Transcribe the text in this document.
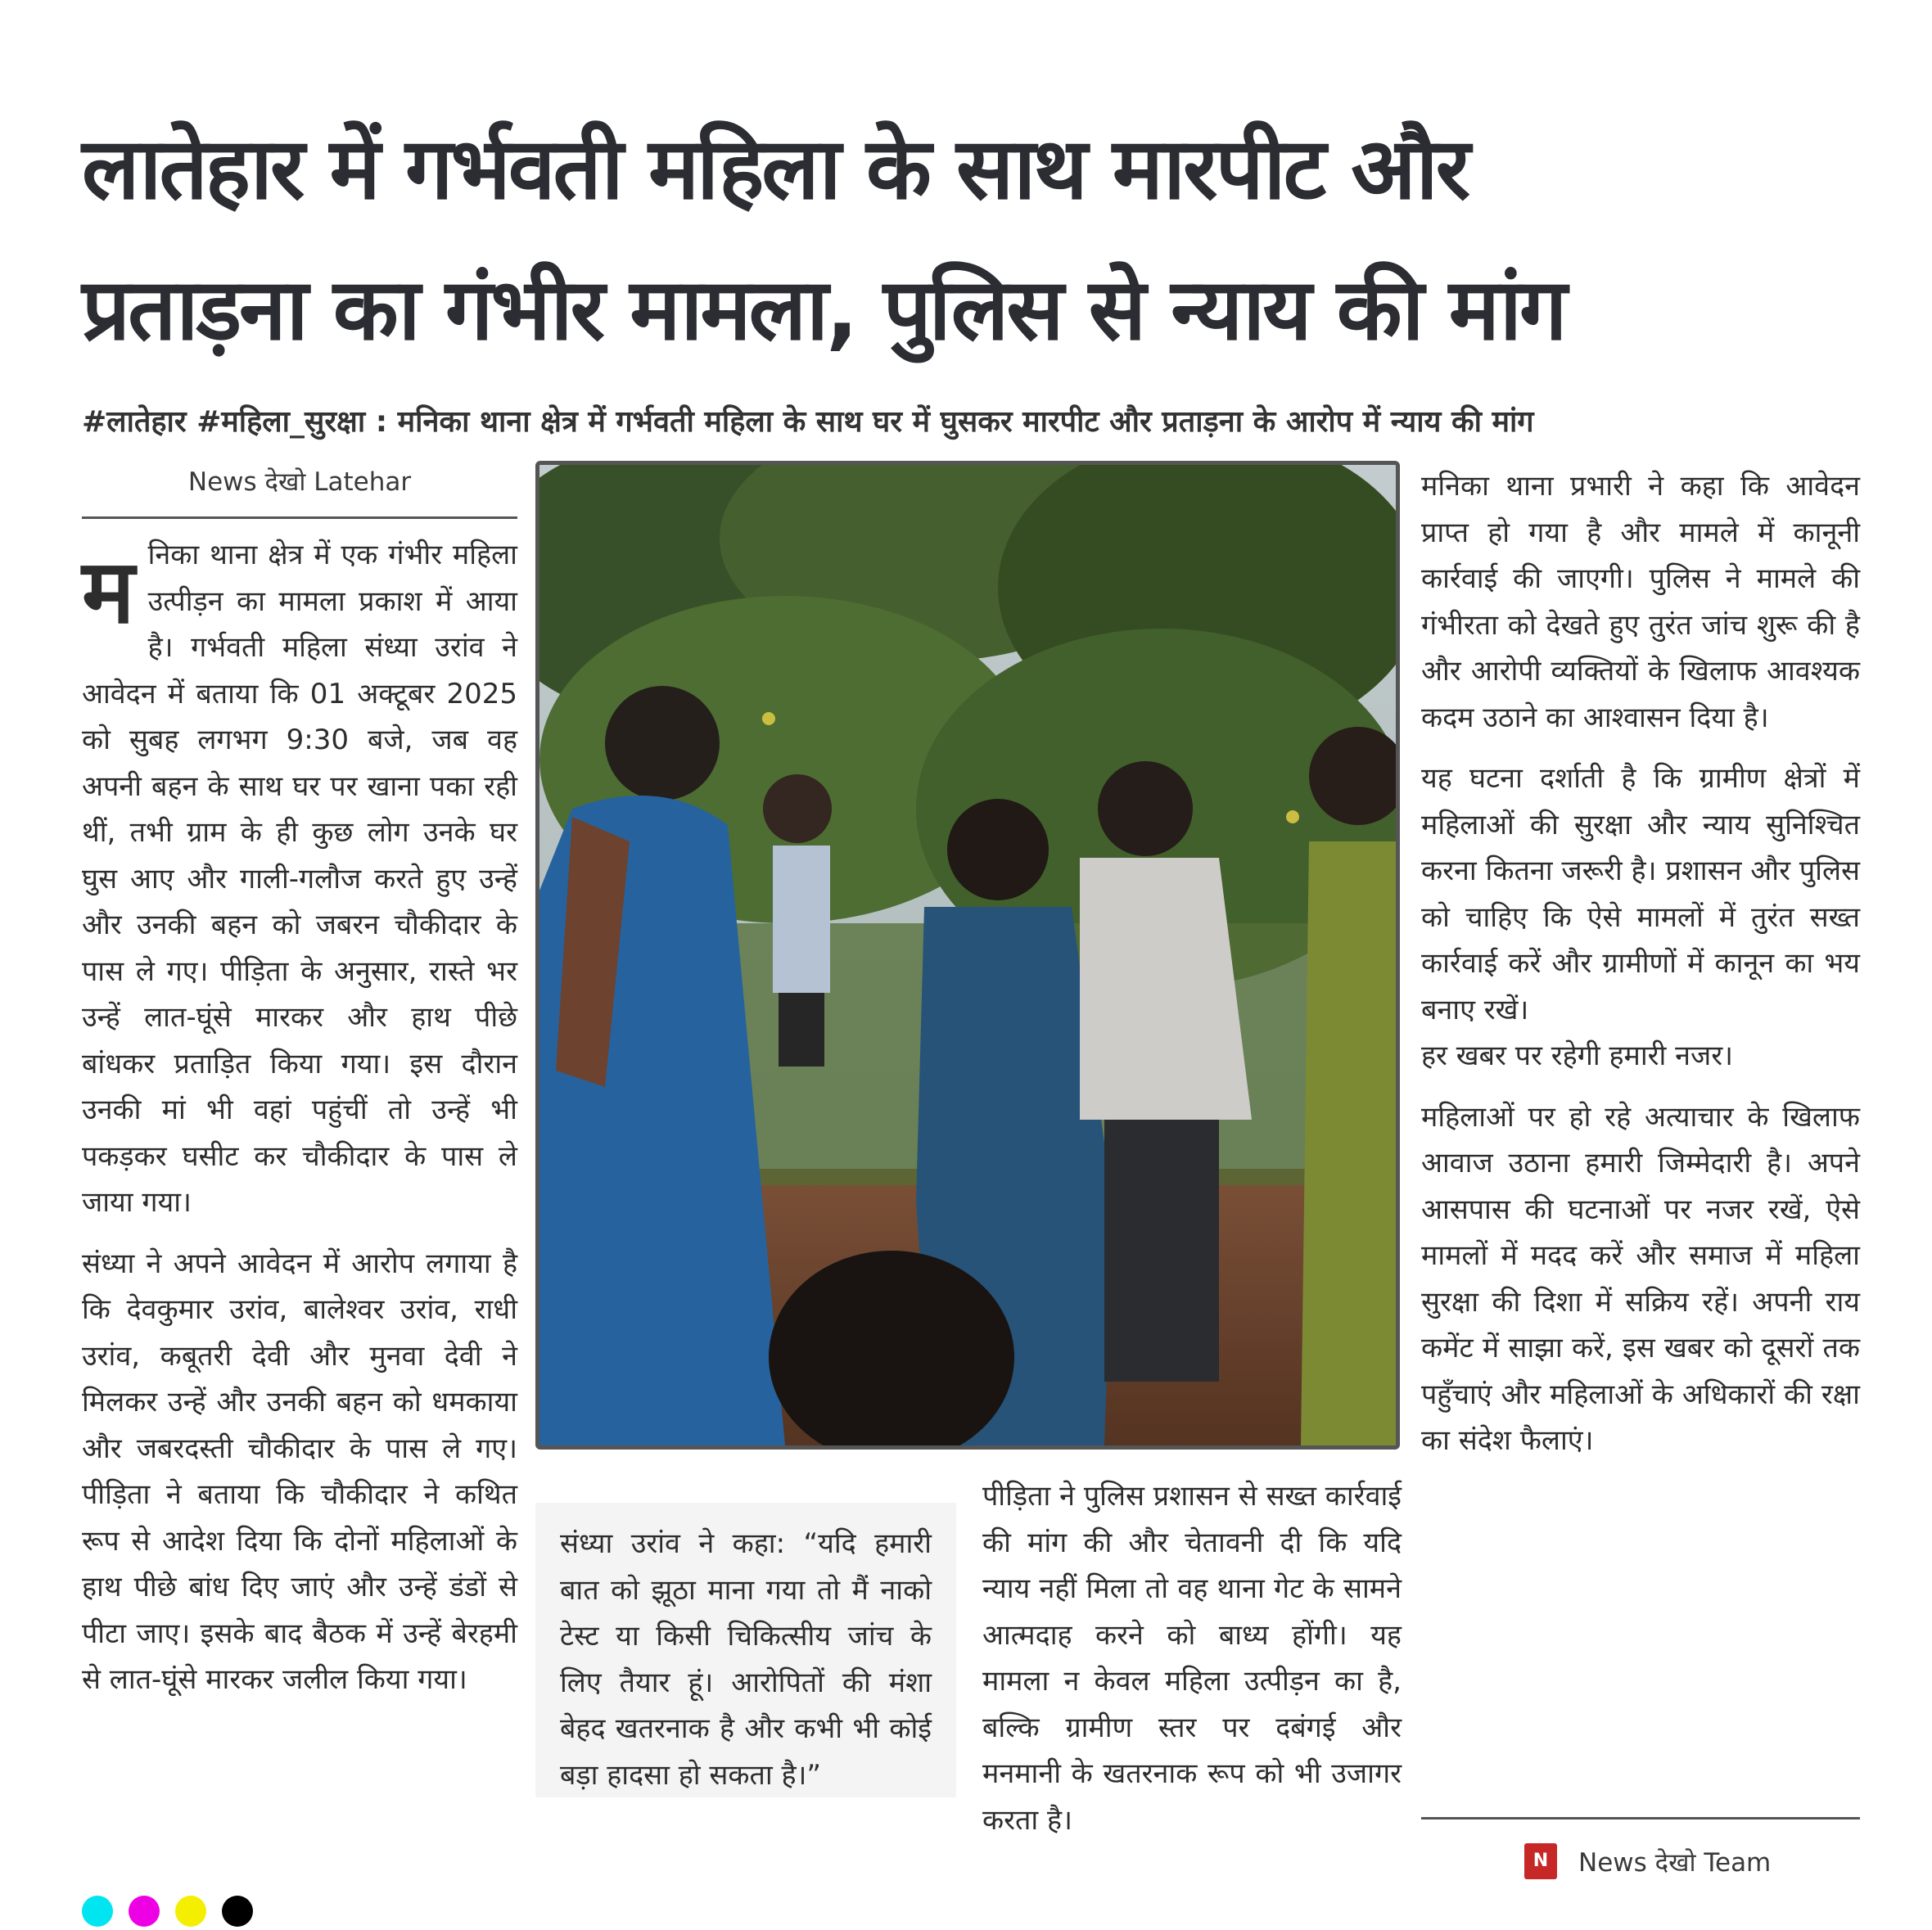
लातेहार में गर्भवती महिला के साथ मारपीट और
प्रताड़ना का गंभीर मामला, पुलिस से न्याय की मांग
#लातेहार #महिला_सुरक्षा : मनिका थाना क्षेत्र में गर्भवती महिला के साथ घर में घुसकर मारपीट और प्रताड़ना के आरोप में न्याय की मांग
News देखो Latehar

म निका थाना क्षेत्र में एक गंभीर महिला उत्पीड़न का मामला प्रकाश में आया है। गर्भवती महिला संध्या उरांव ने आवेदन में बताया कि 01 अक्टूबर 2025 को सुबह लगभग 9:30 बजे, जब वह अपनी बहन के साथ घर पर खाना पका रही थीं, तभी ग्राम के ही कुछ लोग उनके घर घुस आए और गाली-गलौज करते हुए उन्हें और उनकी बहन को जबरन चौकीदार के पास ले गए। पीड़िता के अनुसार, रास्ते भर उन्हें लात-घूंसे मारकर और हाथ पीछे बांधकर प्रताड़ित किया गया। इस दौरान उनकी मां भी वहां पहुंचीं तो उन्हें भी पकड़कर घसीट कर चौकीदार के पास ले जाया गया।

संध्या ने अपने आवेदन में आरोप लगाया है कि देवकुमार उरांव, बालेश्वर उरांव, राधी उरांव, कबूतरी देवी और मुनवा देवी ने मिलकर उन्हें और उनकी बहन को धमकाया और जबरदस्ती चौकीदार के पास ले गए। पीड़िता ने बताया कि चौकीदार ने कथित रूप से आदेश दिया कि दोनों महिलाओं के हाथ पीछे बांध दिए जाएं और उन्हें डंडों से पीटा जाए। इसके बाद बैठक में उन्हें बेरहमी से लात-घूंसे मारकर जलील किया गया।

संध्या उरांव ने कहा: “यदि हमारी बात को झूठा माना गया तो मैं नाको टेस्ट या किसी चिकित्सीय जांच के लिए तैयार हूं। आरोपितों की मंशा बेहद खतरनाक है और कभी भी कोई बड़ा हादसा हो सकता है।”

पीड़िता ने पुलिस प्रशासन से सख्त कार्रवाई की मांग की और चेतावनी दी कि यदि न्याय नहीं मिला तो वह थाना गेट के सामने आत्मदाह करने को बाध्य होंगी। यह मामला न केवल महिला उत्पीड़न का है, बल्कि ग्रामीण स्तर पर दबंगई और मनमानी के खतरनाक रूप को भी उजागर करता है।

मनिका थाना प्रभारी ने कहा कि आवेदन प्राप्त हो गया है और मामले में कानूनी कार्रवाई की जाएगी। पुलिस ने मामले की गंभीरता को देखते हुए तुरंत जांच शुरू की है और आरोपी व्यक्तियों के खिलाफ आवश्यक कदम उठाने का आश्वासन दिया है।

यह घटना दर्शाती है कि ग्रामीण क्षेत्रों में महिलाओं की सुरक्षा और न्याय सुनिश्चित करना कितना जरूरी है। प्रशासन और पुलिस को चाहिए कि ऐसे मामलों में तुरंत सख्त कार्रवाई करें और ग्रामीणों में कानून का भय बनाए रखें।
हर खबर पर रहेगी हमारी नजर।

महिलाओं पर हो रहे अत्याचार के खिलाफ आवाज उठाना हमारी जिम्मेदारी है। अपने आसपास की घटनाओं पर नजर रखें, ऐसे मामलों में मदद करें और समाज में महिला सुरक्षा की दिशा में सक्रिय रहें। अपनी राय कमेंट में साझा करें, इस खबर को दूसरों तक पहुँचाएं और महिलाओं के अधिकारों की रक्षा का संदेश फैलाएं।

N	News देखो Team
